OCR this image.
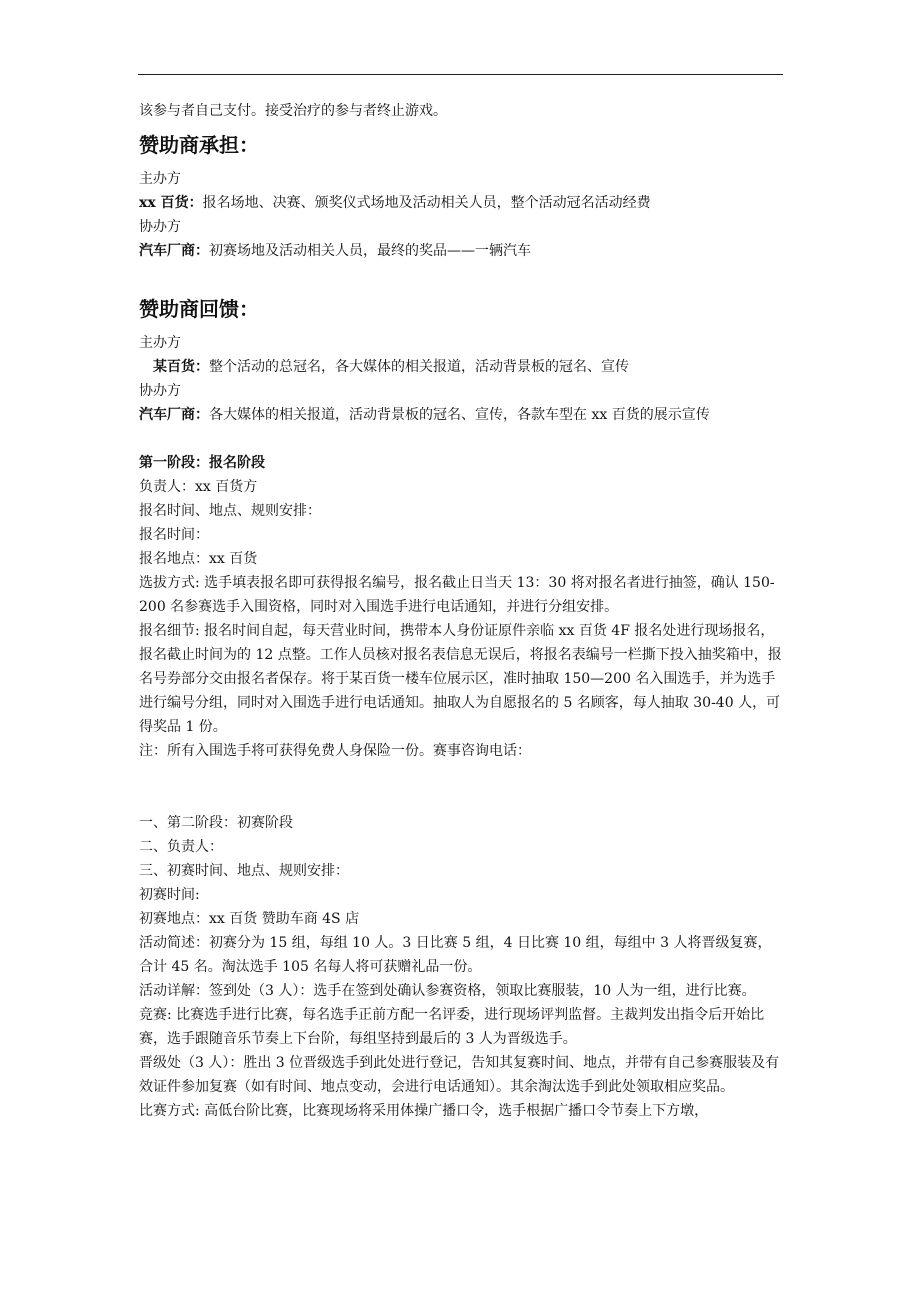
该参与者自己支付。接受治疗的参与者终止游戏。
赞助商承担：
主办方
xx 百货：报名场地、决赛、颁奖仪式场地及活动相关人员，整个活动冠名活动经费
协办方
汽车厂商：初赛场地及活动相关人员，最终的奖品——一辆汽车
赞助商回馈：
主办方
某百货：整个活动的总冠名，各大媒体的相关报道，活动背景板的冠名、宣传
协办方
汽车厂商：各大媒体的相关报道，活动背景板的冠名、宣传，各款车型在 xx 百货的展示宣传
第一阶段：报名阶段
负责人：xx 百货方
报名时间、地点、规则安排：
报名时间：
报名地点：xx 百货
选拔方式: 选手填表报名即可获得报名编号，报名截止日当天 13：30 将对报名者进行抽签，确认 150-200 名参赛选手入围资格，同时对入围选手进行电话通知，并进行分组安排。
报名细节: 报名时间自起，每天营业时间，携带本人身份证原件亲临 xx 百货 4F 报名处进行现场报名，报名截止时间为的 12 点整。工作人员核对报名表信息无误后，将报名表编号一栏撕下投入抽奖箱中，报名号券部分交由报名者保存。将于某百货一楼车位展示区，准时抽取 150—200 名入围选手，并为选手进行编号分组，同时对入围选手进行电话通知。抽取人为自愿报名的 5 名顾客，每人抽取 30-40 人，可得奖品 1 份。
注：所有入围选手将可获得免费人身保险一份。赛事咨询电话：
一、第二阶段：初赛阶段
二、负责人：
三、初赛时间、地点、规则安排：
初赛时间:
初赛地点：xx 百货 赞助车商 4S 店
活动简述：初赛分为 15 组，每组 10 人。3 日比赛 5 组，4 日比赛 10 组，每组中 3 人将晋级复赛，合计 45 名。淘汰选手 105 名每人将可获赠礼品一份。
活动详解：签到处（3 人）：选手在签到处确认参赛资格，领取比赛服装，10 人为一组，进行比赛。
竞赛: 比赛选手进行比赛，每名选手正前方配一名评委，进行现场评判监督。主裁判发出指令后开始比赛，选手跟随音乐节奏上下台阶，每组坚持到最后的 3 人为晋级选手。
晋级处（3 人）：胜出 3 位晋级选手到此处进行登记，告知其复赛时间、地点，并带有自己参赛服装及有效证件参加复赛（如有时间、地点变动，会进行电话通知）。其余淘汰选手到此处领取相应奖品。
比赛方式: 高低台阶比赛，比赛现场将采用体操广播口令，选手根据广播口令节奏上下方墩，
